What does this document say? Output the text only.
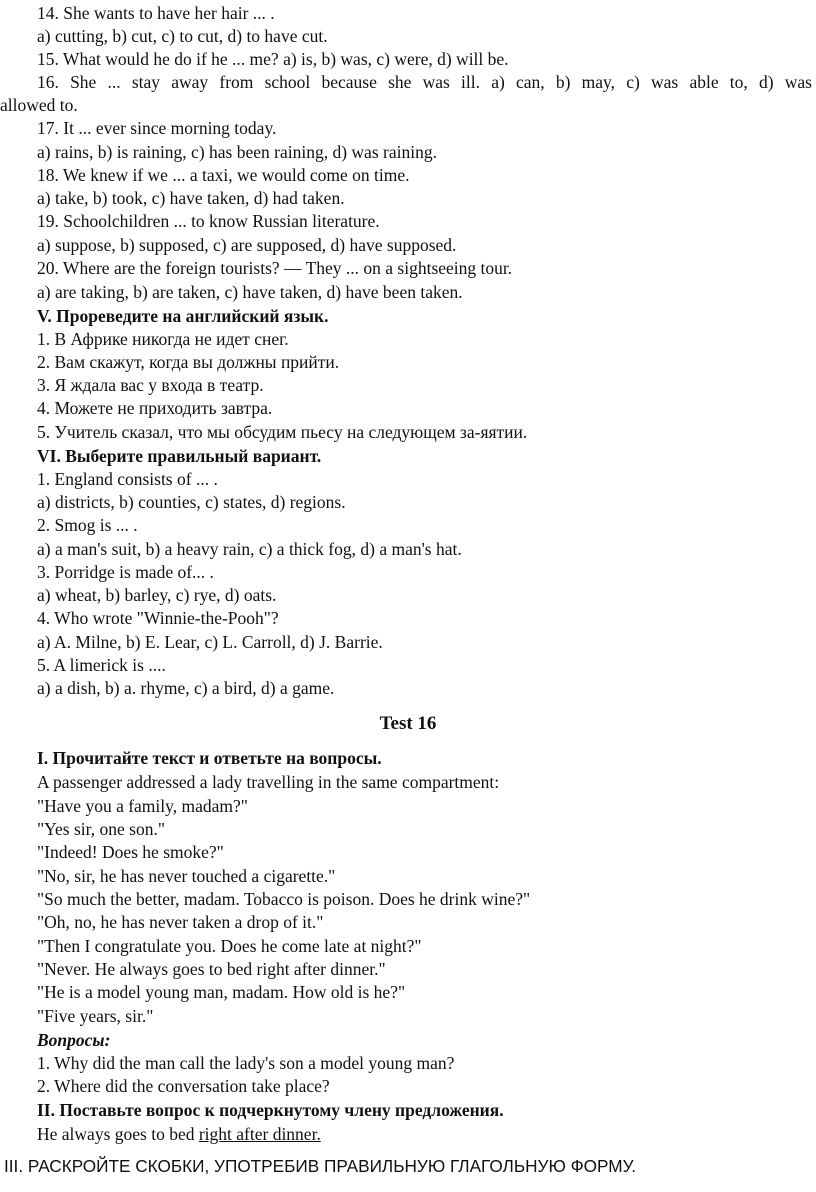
14. She wants to have her hair ... .
a) cutting, b) cut, c) to cut, d) to have cut.
15. What would he do if he ... me? a) is, b) was, c) were, d) will be.
16. She ... stay away from school because she was ill. a) can, b) may, c) was able to, d) was
allowed to.
17. It ... ever since morning today.
a) rains, b) is raining, c) has been raining, d) was raining.
18. We knew if we ... a taxi, we would come on time.
a) take, b) took, c) have taken, d) had taken.
19. Schoolchildren ... to know Russian literature.
a) suppose, b) supposed, c) are supposed, d) have supposed.
20. Where are the foreign tourists? — They ... on a sightseeing tour.
a) are taking, b) are taken, c) have taken, d) have been taken.
V. Прореведите на английский язык.
1. В Африке никогда не идет снег.
2. Вам скажут, когда вы должны прийти.
3. Я ждала вас у входа в театр.
4. Можете не приходить завтра.
5. Учитель сказал, что мы обсудим пьесу на следующем за-яятии.
VI. Выберите правильный вариант.
1. England consists of ... .
a) districts, b) counties, c) states, d) regions.
2. Smog is ... .
a) a man's suit, b) a heavy rain, c) a thick fog, d) a man's hat.
3. Porridge is made of... .
a) wheat, b) barley, c) rye, d) oats.
4. Who wrote "Winnie-the-Pooh"?
a) A. Milne, b) E. Lear, c) L. Carroll, d) J. Barrie.
5. A limerick is ....
a) a dish, b) a. rhyme, c) a bird, d) a game.
Test 16
I. Прочитайте текст и ответьте на вопросы.
A passenger addressed a lady travelling in the same compartment:
"Have you a family, madam?"
"Yes sir, one son."
"Indeed! Does he smoke?"
"No, sir, he has never touched a cigarette."
"So much the better, madam. Tobacco is poison. Does he drink wine?"
"Oh, no, he has never taken a drop of it."
"Then I congratulate you. Does he come late at night?"
"Never. He always goes to bed right after dinner."
"He is a model young man, madam. How old is he?"
"Five years, sir."
Вопросы:
1. Why did the man call the lady's son a model young man?
2. Where did the conversation take place?
II. Поставьте вопрос к подчеркнутому члену предложения.
He always goes to bed right after dinner.
III. РАСКРОЙТЕ СКОБКИ, УПОТРЕБИВ ПРАВИЛЬНУЮ ГЛАГОЛЬНУЮ ФОРМУ.
